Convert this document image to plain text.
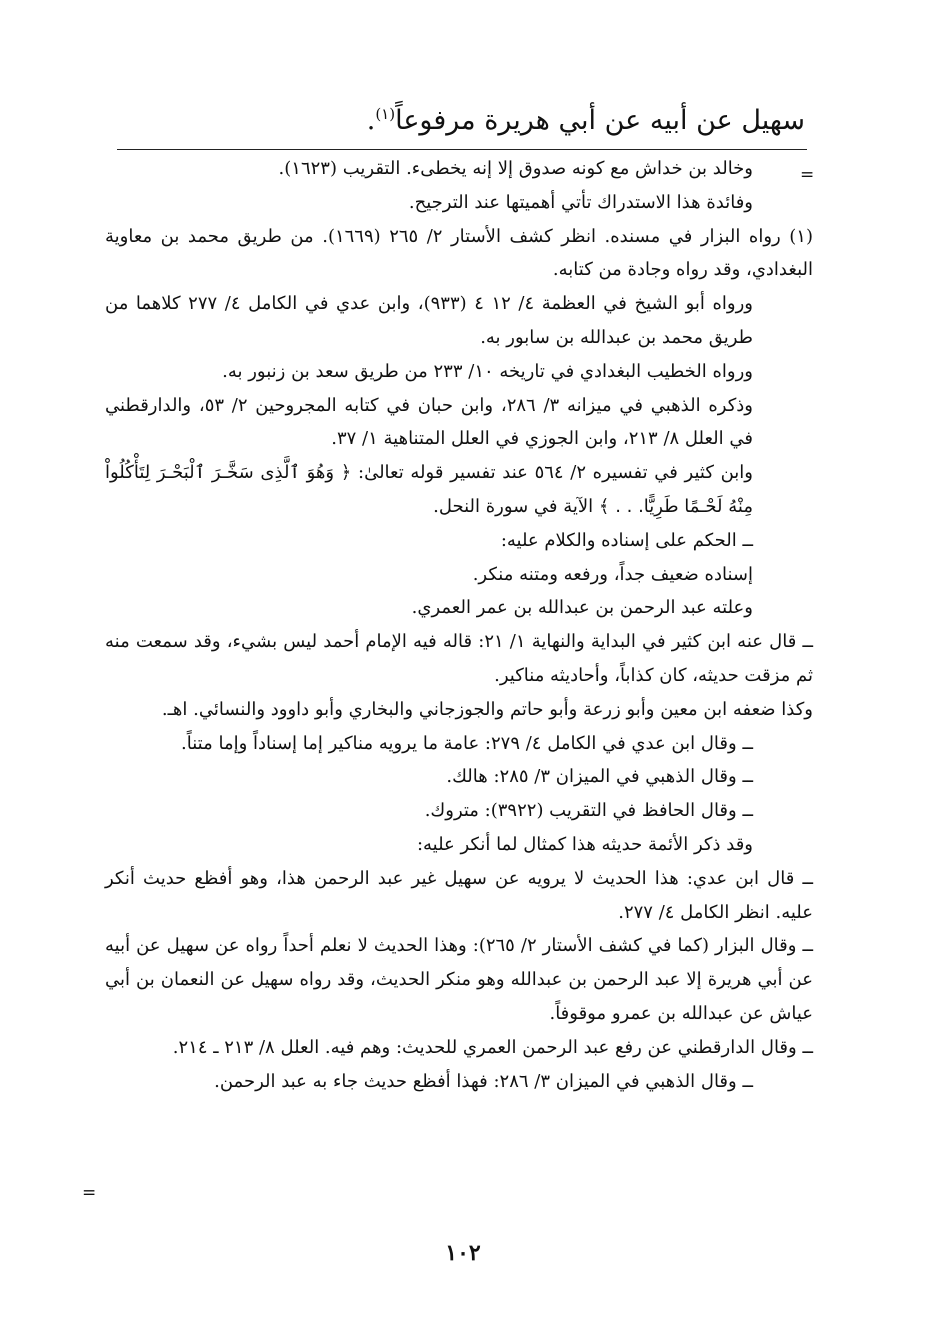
سهيل عن أبيه عن أبي هريرة مرفوعاً$^{(١)}$.
=

وخالد بن خداش مع كونه صدوق إلا إنه يخطىء. التقريب (١٦٢٣).

وفائدة هذا الاستدراك تأتي أهميتها عند الترجيح.

(١) رواه البزار في مسنده. انظر كشف الأستار ٢/ ٢٦٥ (١٦٦٩). من طريق محمد بن معاوية البغدادي، وقد رواه وجادة من كتابه.

ورواه أبو الشيخ في العظمة ٤/ ١٢ ٤ (٩٣٣)، وابن عدي في الكامل ٤/ ٢٧٧ كلاهما من طريق محمد بن عبدالله بن سابور به.

ورواه الخطيب البغدادي في تاريخه ١٠/ ٢٣٣ من طريق سعد بن زنبور به.

وذكره الذهبي في ميزانه ٣/ ٢٨٦، وابن حبان في كتابه المجروحين ٢/ ٥٣، والدارقطني في العلل ٨/ ٢١٣، وابن الجوزي في العلل المتناهية ١/ ٣٧.

وابن كثير في تفسيره ٢/ ٥٦٤ عند تفسير قوله تعالىٰ: ﴿ وَهُوَ ٱلَّذِى سَخَّـرَ ٱلْبَحْـرَ لِتَأْكُلُواْ مِنْهُ لَحْـمًا طَرِيًّا. . . ﴾ الآية في سورة النحل.

ــ الحكم على إسناده والكلام عليه:

إسناده ضعيف جداً، ورفعه ومتنه منكر.

وعلته عبد الرحمن بن عبدالله بن عمر العمري.

ــ قال عنه ابن كثير في البداية والنهاية ١/ ٢١: قاله فيه الإمام أحمد ليس بشيء، وقد سمعت منه ثم مزقت حديثه، كان كذاباً، وأحاديثه مناكير.

وكذا ضعفه ابن معين وأبو زرعة وأبو حاتم والجوزجاني والبخاري وأبو داوود والنسائي. اهـ.

ــ وقال ابن عدي في الكامل ٤/ ٢٧٩: عامة ما يرويه مناكير إما إسناداً وإما متناً.

ــ وقال الذهبي في الميزان ٣/ ٢٨٥: هالك.

ــ وقال الحافظ في التقريب (٣٩٢٢): متروك.

وقد ذكر الأئمة حديثه هذا كمثال لما أنكر عليه:

ــ قال ابن عدي: هذا الحديث لا يرويه عن سهيل غير عبد الرحمن هذا، وهو أفظع حديث أنكر عليه. انظر الكامل ٤/ ٢٧٧.

ــ وقال البزار (كما في كشف الأستار ٢/ ٢٦٥): وهذا الحديث لا نعلم أحداً رواه عن سهيل عن أبيه عن أبي هريرة إلا عبد الرحمن بن عبدالله وهو منكر الحديث، وقد رواه سهيل عن النعمان بن أبي عياش عن عبدالله بن عمرو موقوفاً.

ــ وقال الدارقطني عن رفع عبد الرحمن العمري للحديث: وهم فيه. العلل ٨/ ٢١٣ ـ ٢١٤.

ــ وقال الذهبي في الميزان ٣/ ٢٨٦: فهذا أفظع حديث جاء به عبد الرحمن.

=
١٠٢
